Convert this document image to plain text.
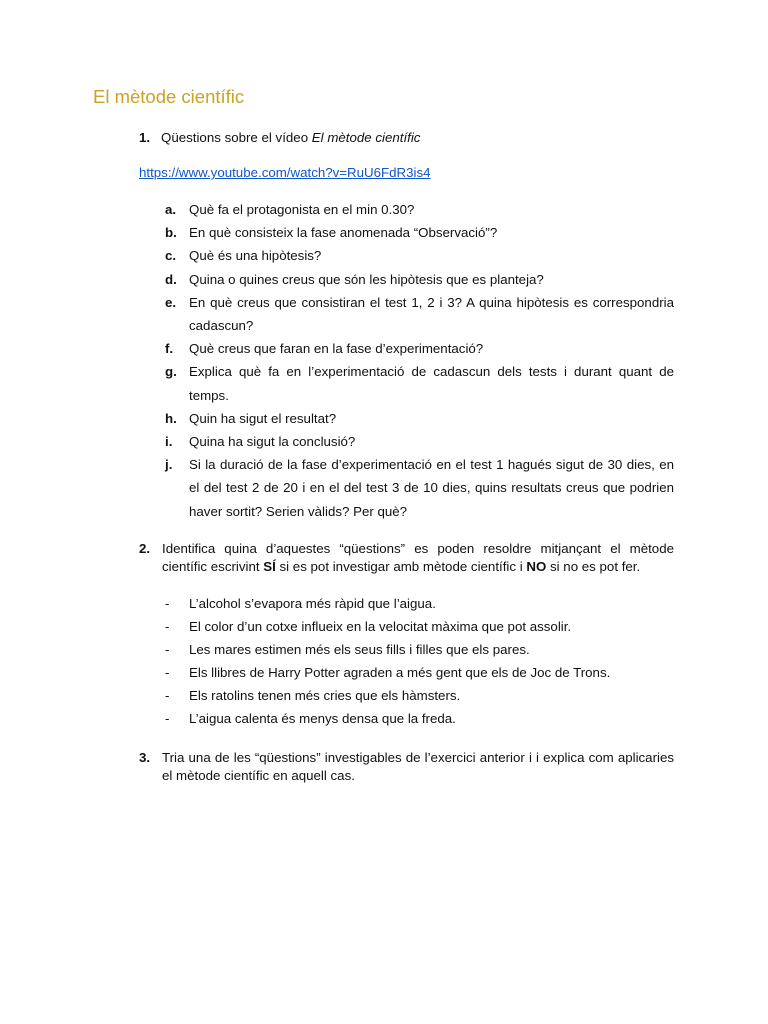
El mètode científic
1. Qüestions sobre el vídeo El mètode científic
https://www.youtube.com/watch?v=RuU6FdR3is4
a. Què fa el protagonista en el min 0.30?
b. En què consisteix la fase anomenada “Observació”?
c. Què és una hipòtesis?
d. Quina o quines creus que són les hipòtesis que es planteja?
e. En què creus que consistiran el test 1, 2 i 3? A quina hipòtesis es correspondria cadascun?
f.	Què creus que faran en la fase d’experimentació?
g. Explica què fa en l’experimentació de cadascun dels tests i durant quant de temps.
h. Quin ha sigut el resultat?
i.	Quina ha sigut la conclusió?
j.	Si la duració de la fase d’experimentació en el test 1 hagués sigut de 30 dies, en el del test 2 de 20 i en el del test 3 de 10 dies, quins resultats creus que podrien haver sortit? Serien vàlids? Per què?
2. Identifica quina d’aquestes “qüestions” es poden resoldre mitjançant el mètode científic escrivint SÍ si es pot investigar amb mètode científic i NO si no es pot fer.
-	L’alcohol s’evapora més ràpid que l’aigua.
-	El color d’un cotxe influeix en la velocitat màxima que pot assolir.
-	Les mares estimen més els seus fills i filles que els pares.
-	Els llibres de Harry Potter agraden a més gent que els de Joc de Trons.
-	Els ratolins tenen més cries que els hàmsters.
-	L’aigua calenta és menys densa que la freda.
3. Tria una de les “qüestions” investigables de l’exercici anterior i i explica com aplicaries el mètode científic en aquell cas.
